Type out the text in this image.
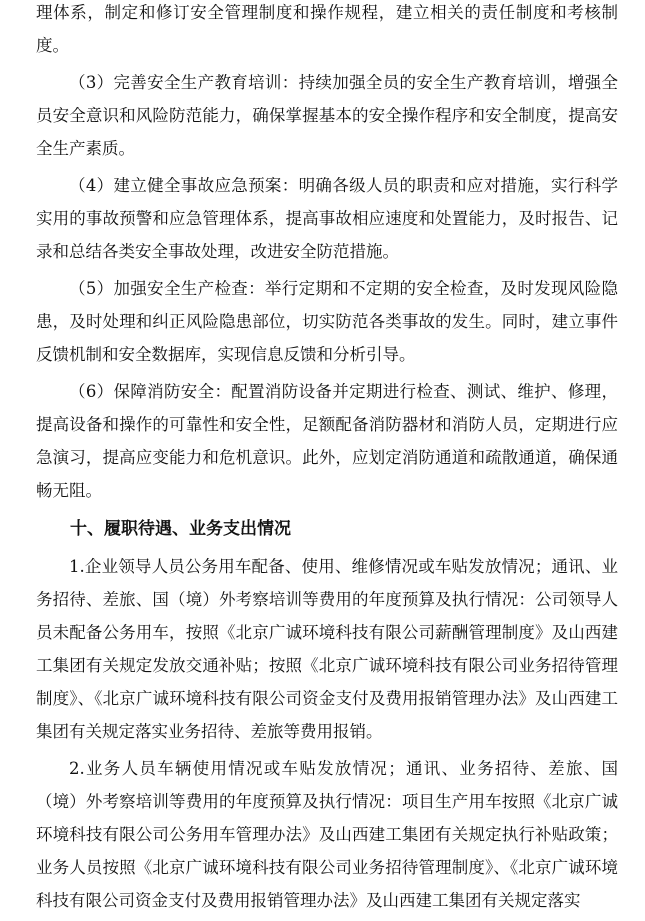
理体系，制定和修订安全管理制度和操作规程，建立相关的责任制度和考核制度。

（3）完善安全生产教育培训：持续加强全员的安全生产教育培训，增强全员安全意识和风险防范能力，确保掌握基本的安全操作程序和安全制度，提高安全生产素质。

（4）建立健全事故应急预案：明确各级人员的职责和应对措施，实行科学实用的事故预警和应急管理体系，提高事故相应速度和处置能力，及时报告、记录和总结各类安全事故处理，改进安全防范措施。

（5）加强安全生产检查：举行定期和不定期的安全检查，及时发现风险隐患，及时处理和纠正风险隐患部位，切实防范各类事故的发生。同时，建立事件反馈机制和安全数据库，实现信息反馈和分析引导。

（6）保障消防安全：配置消防设备并定期进行检查、测试、维护、修理，提高设备和操作的可靠性和安全性，足额配备消防器材和消防人员，定期进行应急演习，提高应变能力和危机意识。此外，应划定消防通道和疏散通道，确保通畅无阻。

十、履职待遇、业务支出情况

1.企业领导人员公务用车配备、使用、维修情况或车贴发放情况；通讯、业务招待、差旅、国（境）外考察培训等费用的年度预算及执行情况：公司领导人员未配备公务用车，按照《北京广诚环境科技有限公司薪酬管理制度》及山西建工集团有关规定发放交通补贴；按照《北京广诚环境科技有限公司业务招待管理制度》、《北京广诚环境科技有限公司资金支付及费用报销管理办法》及山西建工集团有关规定落实业务招待、差旅等费用报销。

2.业务人员车辆使用情况或车贴发放情况；通讯、业务招待、差旅、国（境）外考察培训等费用的年度预算及执行情况：项目生产用车按照《北京广诚环境科技有限公司公务用车管理办法》及山西建工集团有关规定执行补贴政策；业务人员按照《北京广诚环境科技有限公司业务招待管理制度》、《北京广诚环境科技有限公司资金支付及费用报销管理办法》及山西建工集团有关规定落实
